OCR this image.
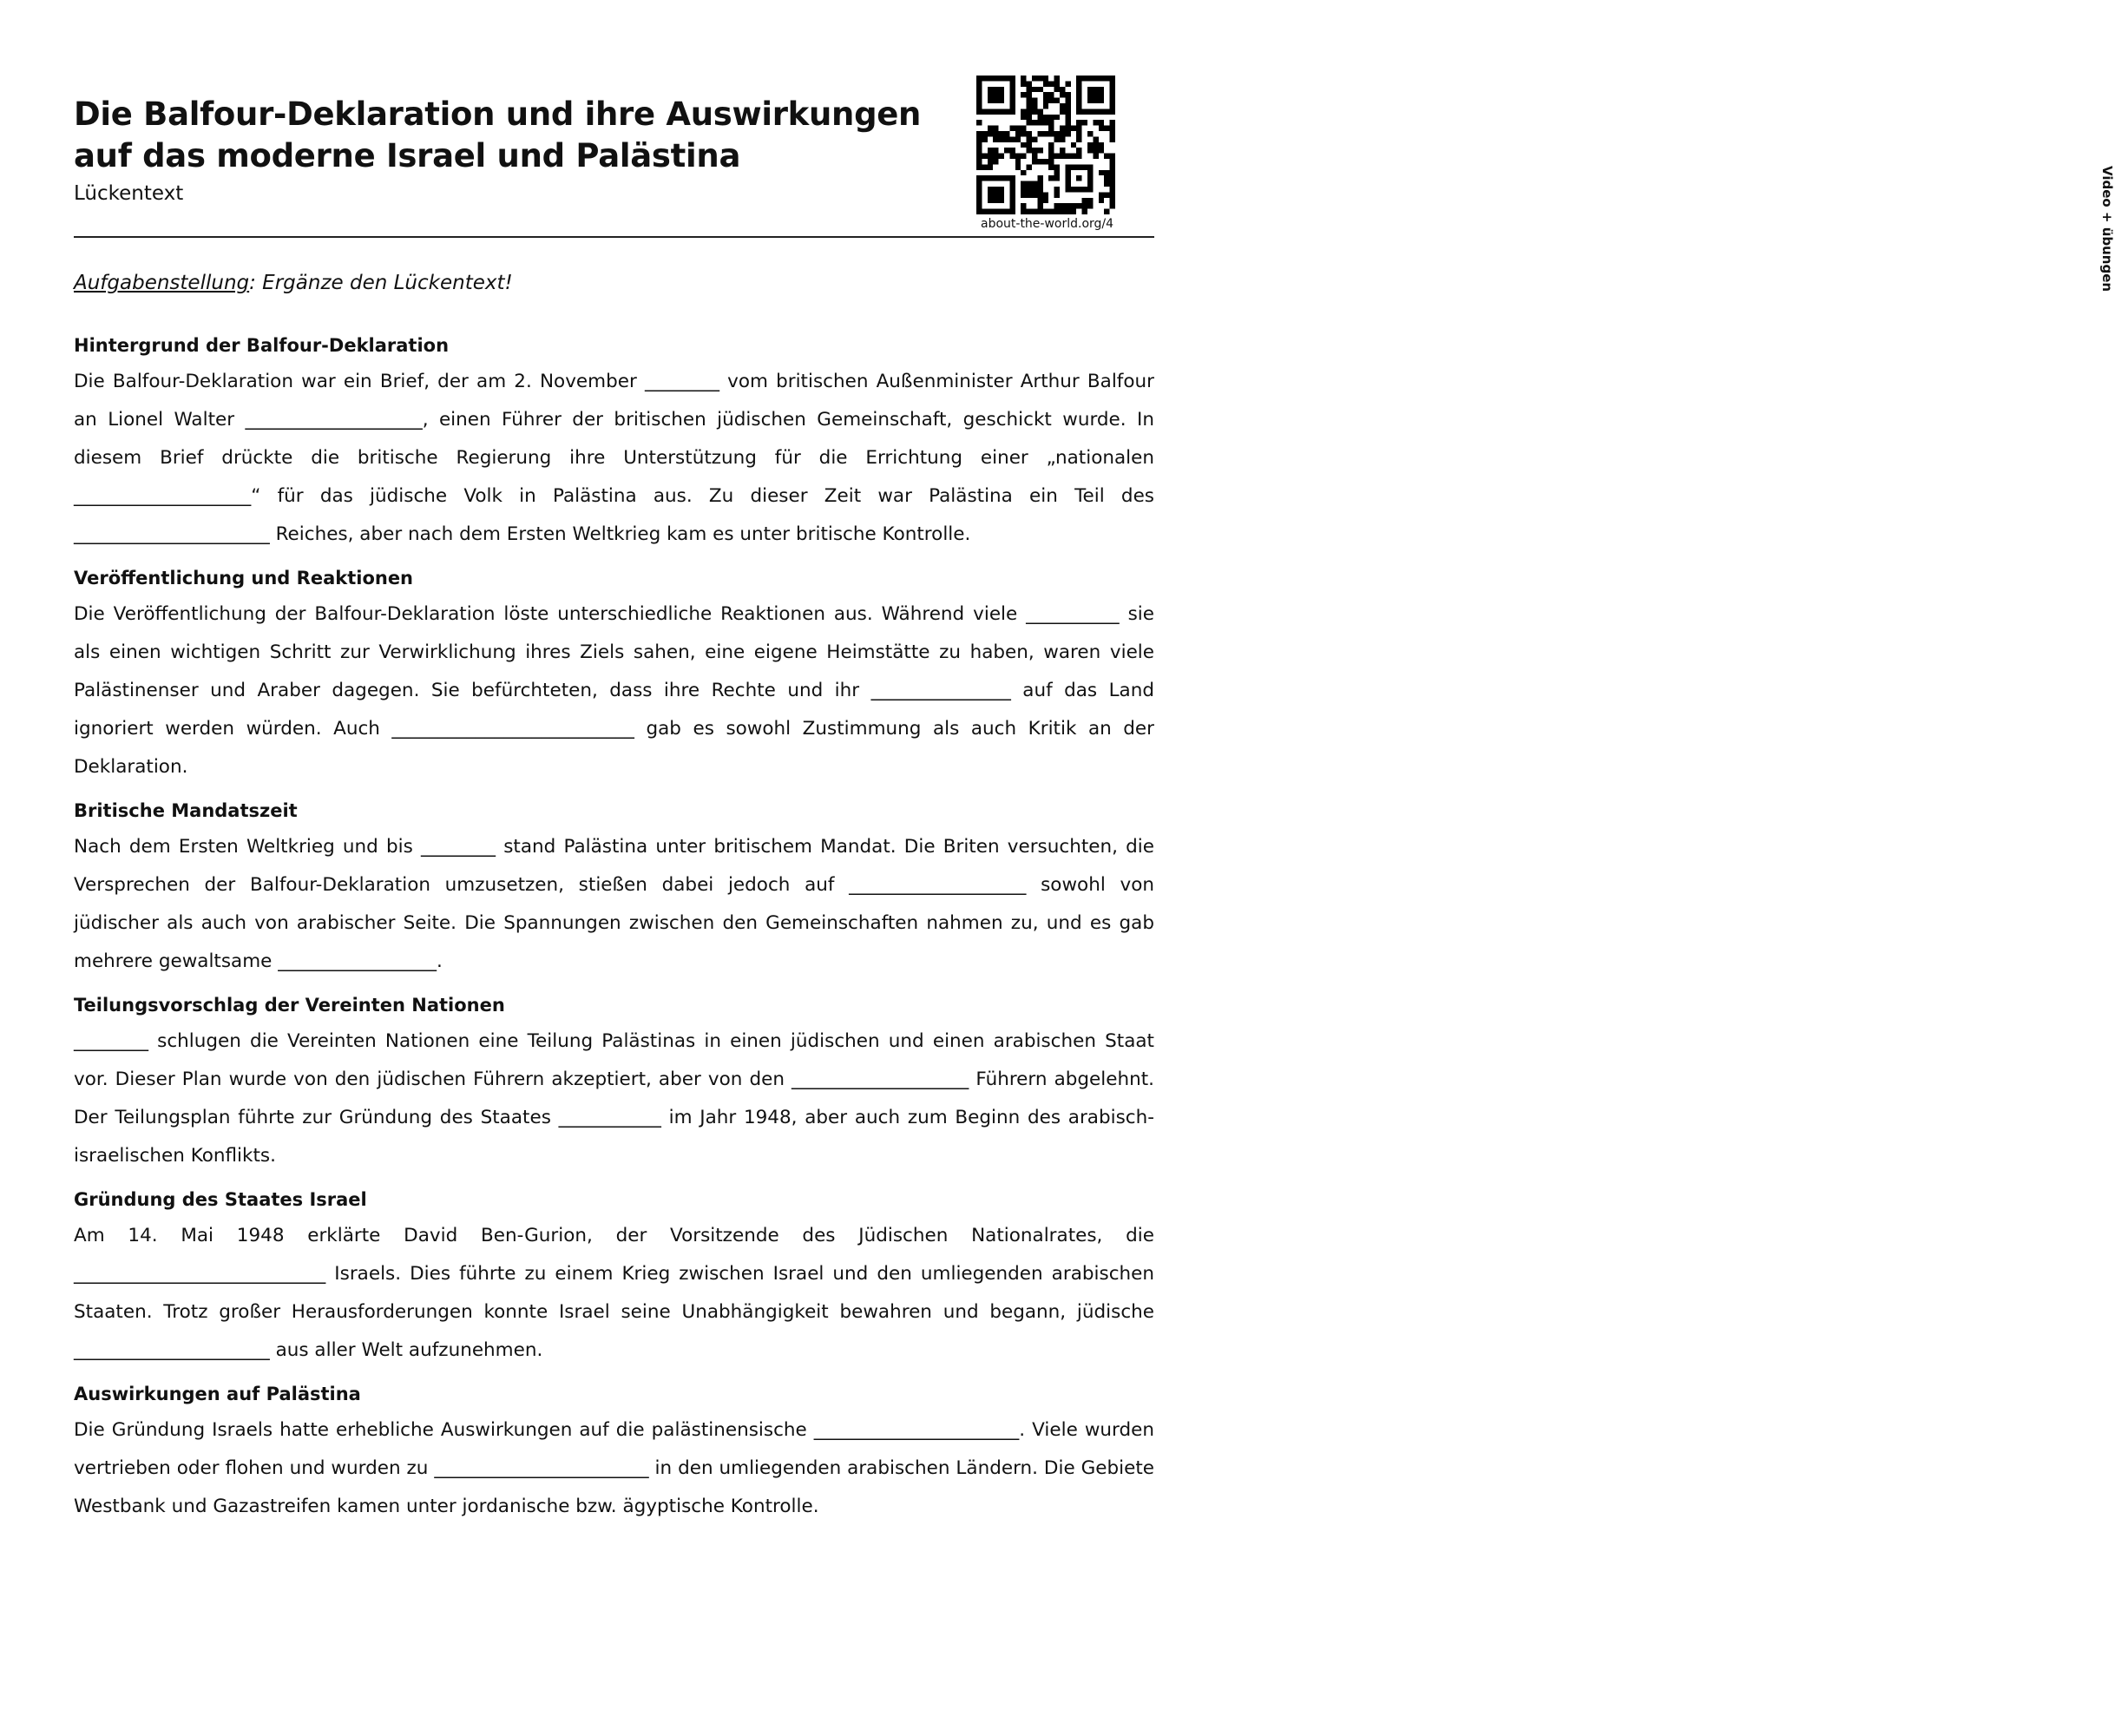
Die Balfour-Deklaration und ihre Auswirkungen
auf das moderne Israel und Palästina
Lückentext	Video + übungen
about-the-world.org/4

Aufgabenstellung: Ergänze den Lückentext!

Hintergrund der Balfour-Deklaration

Die Balfour-Deklaration war ein Brief, der am 2. November ________ vom britischen Außenminister Arthur Balfour an Lionel Walter ___________________, einen Führer der britischen jüdischen Gemeinschaft, geschickt wurde. In diesem Brief drückte die britische Regierung ihre Unterstützung für die Errichtung einer „nationalen ___________________“ für das jüdische Volk in Palästina aus. Zu dieser Zeit war Palästina ein Teil des _____________________ Reiches, aber nach dem Ersten Weltkrieg kam es unter britische Kontrolle.

Veröffentlichung und Reaktionen

Die Veröffentlichung der Balfour-Deklaration löste unterschiedliche Reaktionen aus. Während viele __________ sie als einen wichtigen Schritt zur Verwirklichung ihres Ziels sahen, eine eigene Heimstätte zu haben, waren viele Palästinenser und Araber dagegen. Sie befürchteten, dass ihre Rechte und ihr _______________ auf das Land ignoriert werden würden. Auch __________________________ gab es sowohl Zustimmung als auch Kritik an der Deklaration.

Britische Mandatszeit

Nach dem Ersten Weltkrieg und bis ________ stand Palästina unter britischem Mandat. Die Briten versuchten, die Versprechen der Balfour-Deklaration umzusetzen, stießen dabei jedoch auf ___________________ sowohl von jüdischer als auch von arabischer Seite. Die Spannungen zwischen den Gemeinschaften nahmen zu, und es gab mehrere gewaltsame _________________.

Teilungsvorschlag der Vereinten Nationen

________ schlugen die Vereinten Nationen eine Teilung Palästinas in einen jüdischen und einen arabischen Staat vor. Dieser Plan wurde von den jüdischen Führern akzeptiert, aber von den ___________________ Führern abgelehnt. Der Teilungsplan führte zur Gründung des Staates ___________ im Jahr 1948, aber auch zum Beginn des arabisch-israelischen Konflikts.

Gründung des Staates Israel

Am 14. Mai 1948 erklärte David Ben-Gurion, der Vorsitzende des Jüdischen Nationalrates, die ___________________________ Israels. Dies führte zu einem Krieg zwischen Israel und den umliegenden arabischen Staaten. Trotz großer Herausforderungen konnte Israel seine Unabhängigkeit bewahren und begann, jüdische _____________________ aus aller Welt aufzunehmen.

Auswirkungen auf Palästina

Die Gründung Israels hatte erhebliche Auswirkungen auf die palästinensische ______________________. Viele wurden vertrieben oder flohen und wurden zu _______________________ in den umliegenden arabischen Ländern. Die Gebiete Westbank und Gazastreifen kamen unter jordanische bzw. ägyptische Kontrolle.
